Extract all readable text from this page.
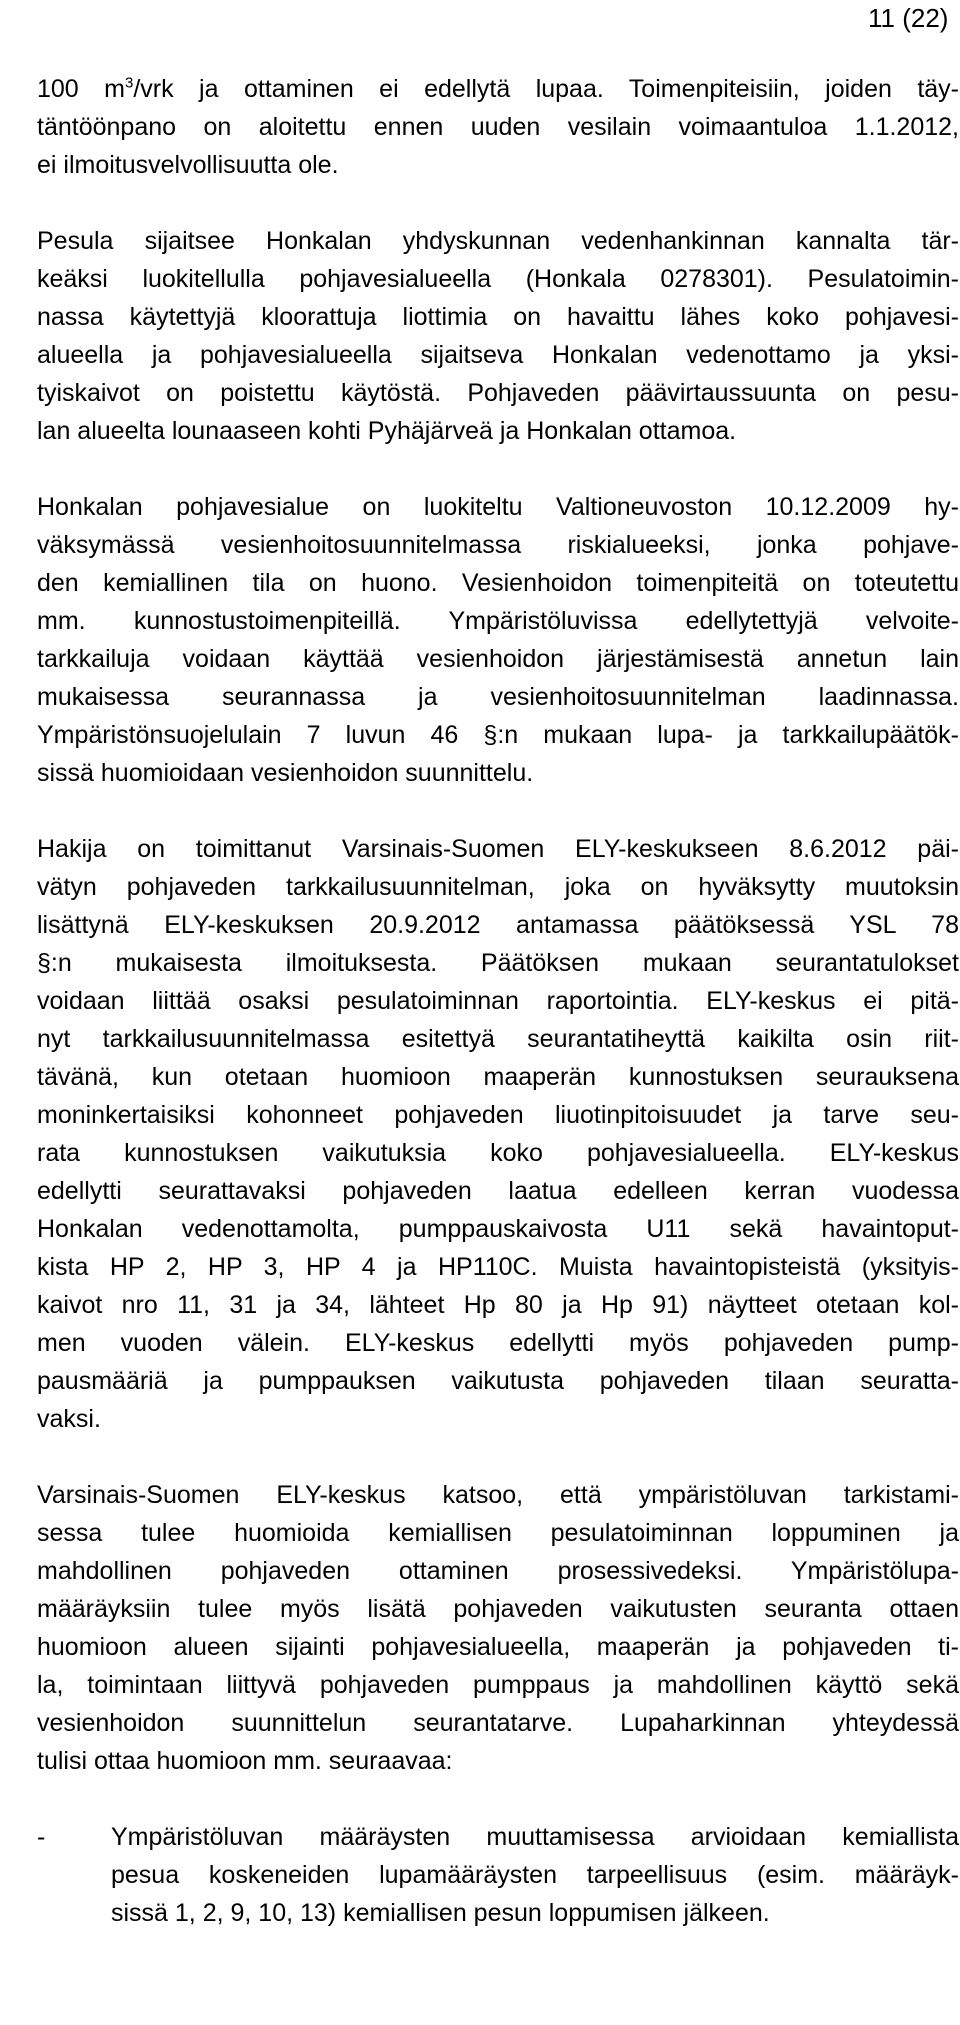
11 (22)
100 $m^3$/vrk ja ottaminen ei edellytä lupaa. Toimenpiteisiin, joiden täy-
täntöönpano on aloitettu ennen uuden vesilain voimaantuloa 1.1.2012,
ei ilmoitusvelvollisuutta ole.
Pesula sijaitsee Honkalan yhdyskunnan vedenhankinnan kannalta tär-
keäksi luokitellulla pohjavesialueella (Honkala 0278301). Pesulatoimin-
nassa käytettyjä kloorattuja liottimia on havaittu lähes koko pohjavesi-
alueella ja pohjavesialueella sijaitseva Honkalan vedenottamo ja yksi-
tyiskaivot on poistettu käytöstä. Pohjaveden päävirtaussuunta on pesu-
lan alueelta lounaaseen kohti Pyhäjärveä ja Honkalan ottamoa.
Honkalan pohjavesialue on luokiteltu Valtioneuvoston 10.12.2009 hy-
väksymässä vesienhoitosuunnitelmassa riskialueeksi, jonka pohjave-
den kemiallinen tila on huono. Vesienhoidon toimenpiteitä on toteutettu
mm. kunnostustoimenpiteillä. Ympäristöluvissa edellytettyjä velvoite-
tarkkailuja voidaan käyttää vesienhoidon järjestämisestä annetun lain
mukaisessa seurannassa ja vesienhoitosuunnitelman laadinnassa.
Ympäristönsuojelulain 7 luvun 46 §:n mukaan lupa- ja tarkkailupäätök-
sissä huomioidaan vesienhoidon suunnittelu.
Hakija on toimittanut Varsinais-Suomen ELY-keskukseen 8.6.2012 päi-
vätyn pohjaveden tarkkailusuunnitelman, joka on hyväksytty muutoksin
lisättynä ELY-keskuksen 20.9.2012 antamassa päätöksessä YSL 78
§:n mukaisesta ilmoituksesta. Päätöksen mukaan seurantatulokset
voidaan liittää osaksi pesulatoiminnan raportointia. ELY-keskus ei pitä-
nyt tarkkailusuunnitelmassa esitettyä seurantatiheyttä kaikilta osin riit-
tävänä, kun otetaan huomioon maaperän kunnostuksen seurauksena
moninkertaisiksi kohonneet pohjaveden liuotinpitoisuudet ja tarve seu-
rata kunnostuksen vaikutuksia koko pohjavesialueella. ELY-keskus
edellytti seurattavaksi pohjaveden laatua edelleen kerran vuodessa
Honkalan vedenottamolta, pumppauskaivosta U11 sekä havaintoput-
kista HP 2, HP 3, HP 4 ja HP110C. Muista havaintopisteistä (yksityis-
kaivot nro 11, 31 ja 34, lähteet Hp 80 ja Hp 91) näytteet otetaan kol-
men vuoden välein. ELY-keskus edellytti myös pohjaveden pump-
pausmääriä ja pumppauksen vaikutusta pohjaveden tilaan seuratta-
vaksi.
Varsinais-Suomen ELY-keskus katsoo, että ympäristöluvan tarkistami-
sessa tulee huomioida kemiallisen pesulatoiminnan loppuminen ja
mahdollinen pohjaveden ottaminen prosessivedeksi. Ympäristölupa-
määräyksiin tulee myös lisätä pohjaveden vaikutusten seuranta ottaen
huomioon alueen sijainti pohjavesialueella, maaperän ja pohjaveden ti-
la, toimintaan liittyvä pohjaveden pumppaus ja mahdollinen käyttö sekä
vesienhoidon suunnittelun seurantatarve. Lupaharkinnan yhteydessä
tulisi ottaa huomioon mm. seuraavaa:
-	Ympäristöluvan määräysten muuttamisessa arvioidaan kemiallista
pesua koskeneiden lupamääräysten tarpeellisuus (esim. määräyk-
sissä 1, 2, 9, 10, 13) kemiallisen pesun loppumisen jälkeen.
